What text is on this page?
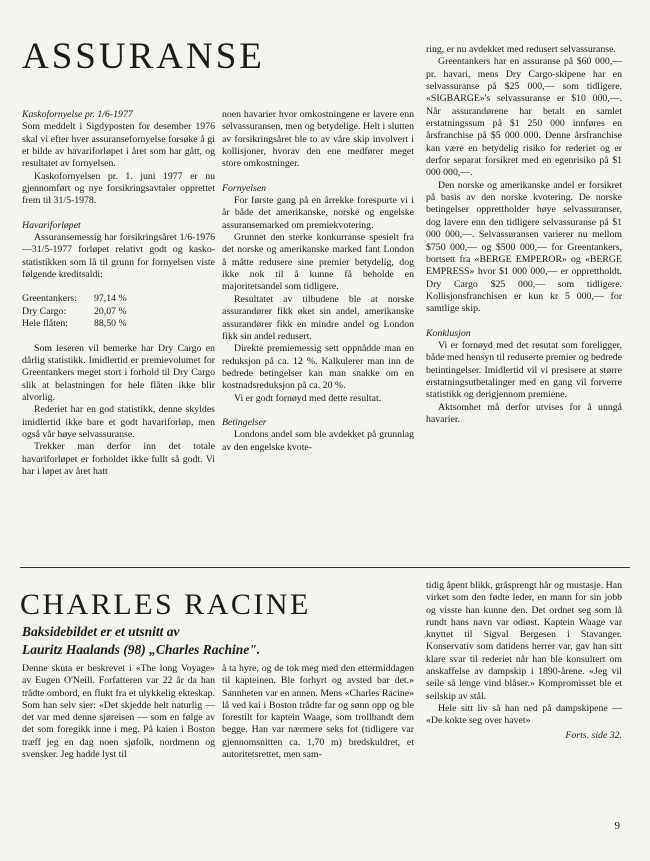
ASSURANSE
Kaskofornyelse pr. 1/6-1977

Som meddelt i Sigdyposten for desember 1976 skal vi efter hver assuransefornyelse forsøke å gi et bilde av havariforløpet i året som har gått, og resultatet av fornyelsen.

Kaskofornyelsen pr. 1. juni 1977 er nu gjennomført og nye forsikringsavtaler opprettet frem til 31/5-1978.

Havariforløpet

Assuransemessig har forsikringsåret 1/6-1976—31/5-1977 forløpet relativt godt og kasko-statistikken som lå til grunn for fornyelsen viste følgende kreditsaldi:

Greentankers:	97,14 %
Dry Cargo:	20,07 %
Hele flåten:	88,50 %

Som leseren vil bemerke har Dry Cargo en dårlig statistikk. Imidlertid er premievolumet for Greentankers meget stort i forhold til Dry Cargo slik at belastningen for hele flåten ikke blir alvorlig.

Rederiet har en god statistikk, denne skyldes imidlertid ikke bare et godt havariforløp, men også vår høye selvassuranse.

Trekker man derfor inn det totale havariforløpet er forholdet ikke fullt så godt. Vi har i løpet av året hatt

noen havarier hvor omkostningene er lavere enn selvassuransen, men og betydelige. Helt i slutten av forsikringsåret ble to av våre skip involvert i kollisjoner, hvorav den ene medfører meget store omkostninger.

Fornyelsen

For første gang på en årrekke forespurte vi i år både det amerikanske, norske og engelske assuransemarked om premiekvotering.

Grunnet den sterke konkurranse spesielt fra det norske og amerikanske marked fant London å måtte redusere sine premier betydelig, dog ikke nok til å kunne få beholde en majoritetsandel som tidligere.

Resultatet av tilbudene ble at norske assurandører fikk øket sin andel, amerikanske assurandører fikk en mindre andel og London fikk sin andel redusert.

Direkte premiemessig sett oppnådde man en reduksjon på ca. 12 %. Kalkulerer man inn de bedrede betingelser kan man snakke om en kostnadsreduksjon på ca. 20 %.

Vi er godt fornøyd med dette resultat.

Betingelser

Londons andel som ble avdekket på grunnlag av den engelske kvote-

ring, er nu avdekket med redusert selvassuranse.

Greentankers har en assuranse på $60 000,— pr. havari, mens Dry Cargo-skipene har en selvassuranse på $25 000,— som tidligere. «SIGBARGE»'s selvassuranse er $10 000,—. Når assurandørene har betalt en samlet erstatningssum på $1 250 000 innføres en årsfranchise på $5 000 000. Denne årsfranchise kan være en betydelig risiko for rederiet og er derfor separat forsikret med en egenrisiko på $1 000 000,—.

Den norske og amerikanske andel er forsikret på basis av den norske kvotering. De norske betingelser opprettholder høye selvassuranser, dog lavere enn den tidligere selvassuranse på $1 000 000,—. Selvassuransen varierer nu mellom $750 000,— og $500 000,— for Greentankers, bortsett fra «BERGE EMPEROR» og «BERGE EMPRESS» hvor $1 000 000,— er opprettholdt. Dry Cargo $25 000,— som tidligere. Kollisjonsfranchisen er kun kr 5 000,— for samtlige skip.

Konklusjon

Vi er fornøyd med det resutat som foreligger, både med hensyn til reduserte premier og bedrede betintingelser. Imidlertid vil vi presisere at større erstatningsutbetalinger med en gang vil forverre statistikk og derigjennom premiene.

Aktsomhet må derfor utvises for å unngå havarier.

CHARLES RACINE

Baksidebildet er et utsnitt av

Lauritz Haalands (98) „Charles Rachine".

Denne skuta er beskrevet i «The long Voyage» av Eugen O'Neill. Forfatteren var 22 år da han trådte ombord, en flukt fra et ulykkelig ekteskap. Som han selv sier: «Det skjedde helt naturlig — det var med denne sjøreisen — som en følge av det som foregikk inne i meg. På kaien i Boston træff jeg en dag noen sjøfolk, nordmenn og svensker. Jeg hadde lyst til

å ta hyre, og de tok meg med den ettermiddagen til kapteinen. Ble forhyrt og avsted bar det.» Sannheten var en annen. Mens «Charles Racine» lå ved kai i Boston trådte far og sønn opp og ble forestilt for kaptein Waage, som trollbandt dem begge. Han var nærmere seks fot (tidligere var gjennomsnitten ca. 1,70 m) bredskuldret, et autoritetsrettet, men sam-

tidig åpent blikk, gråsprengt hår og mustasje. Han virket som den fødte leder, en mann for sin jobb og visste han kunne den. Det ordnet seg som lå rundt hans navn var odiøst. Kaptein Waage var knyttet til Sigval Bergesen i Stavanger. Konservativ som datidens herrer var, gav han sitt klare svar til rederiet når han ble konsultert om anskaffelse av dampskip i 1890-årene. «Jeg vil seile så lenge vind blåser.» Kompromisset ble et seilskip av stål.

Hele sitt liv så han ned på dampskipene — «De kokte seg over havet»

Forts. side 32.
9
